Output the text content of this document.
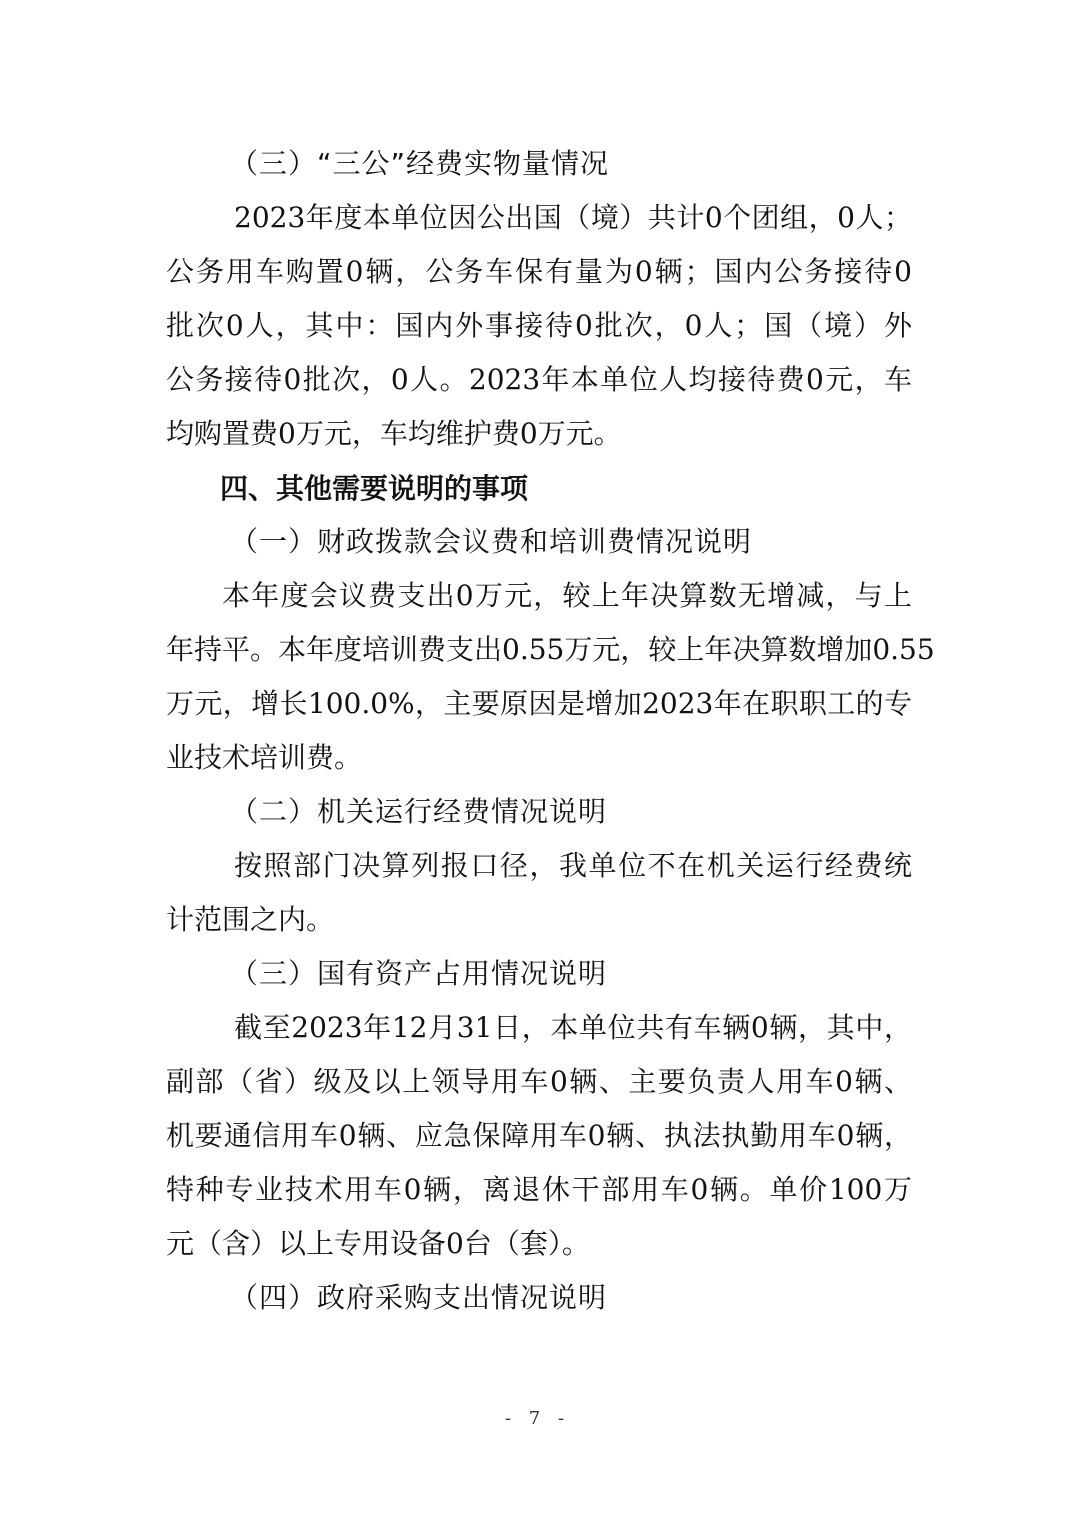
（三）“三公”经费实物量情况

2023年度本单位因公出国（境）共计0个团组，0人；

公务用车购置0辆，公务车保有量为0辆；国内公务接待0

批次0人，其中：国内外事接待0批次，0人；国（境）外

公务接待0批次，0人。2023年本单位人均接待费0元，车

均购置费0万元，车均维护费0万元。

四、其他需要说明的事项

（一）财政拨款会议费和培训费情况说明

本年度会议费支出0万元，较上年决算数无增减，与上

年持平。本年度培训费支出0.55万元，较上年决算数增加0.55

万元，增长100.0%，主要原因是增加2023年在职职工的专

业技术培训费。

（二）机关运行经费情况说明

按照部门决算列报口径，我单位不在机关运行经费统

计范围之内。

（三）国有资产占用情况说明

截至2023年12月31日，本单位共有车辆0辆，其中，

副部（省）级及以上领导用车0辆、主要负责人用车0辆、

机要通信用车0辆、应急保障用车0辆、执法执勤用车0辆，

特种专业技术用车0辆，离退休干部用车0辆。单价100万

元（含）以上专用设备0台（套）。

（四）政府采购支出情况说明

- 7 -
